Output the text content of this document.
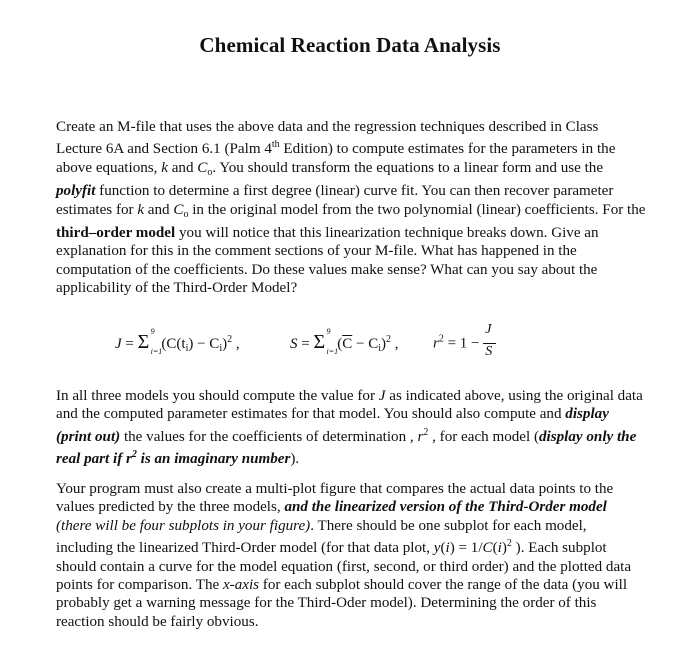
Chemical Reaction Data Analysis

Create an M-file that uses the above data and the regression techniques described in Class Lecture 6A and Section 6.1 (Palm 4th Edition) to compute estimates for the parameters in the above equations, k and $C_o$. You should transform the equations to a linear form and use the polyfit function to determine a first degree (linear) curve fit. You can then recover parameter estimates for k and $C_o$ in the original model from the two polynomial (linear) coefficients. For the third–order model you will notice that this linearization technique breaks down. Give an explanation for this in the comment sections of your M-file. What has happened in the computation of the coefficients. Do these values make sense? What can you say about the applicability of the Third-Order Model?

J = Σ 9
i=1 $(C(t_i) - C_i)^2$ ,	S = Σ 9
i=1 $(\overline{C} - C_i)^2$ , $r^2 = 1 - \frac{J}{S}$

In all three models you should compute the value for J as indicated above, using the original data and the computed parameter estimates for that model. You should also compute and display (print out) the values for the coefficients of determination , $r^2$ , for each model (display only the real part if $r^2$ is an imaginary number).

Your program must also create a multi-plot figure that compares the actual data points to the values predicted by the three models, and the linearized version of the Third-Order model (there will be four subplots in your figure). There should be one subplot for each model, including the linearized Third-Order model (for that data plot, $y(i) = 1/C(i)^2$ ). Each subplot should contain a curve for the model equation (first, second, or third order) and the plotted data points for comparison. The x-axis for each subplot should cover the range of the data (you will probably get a warning message for the Third-Oder model). Determining the order of this reaction should be fairly obvious.
